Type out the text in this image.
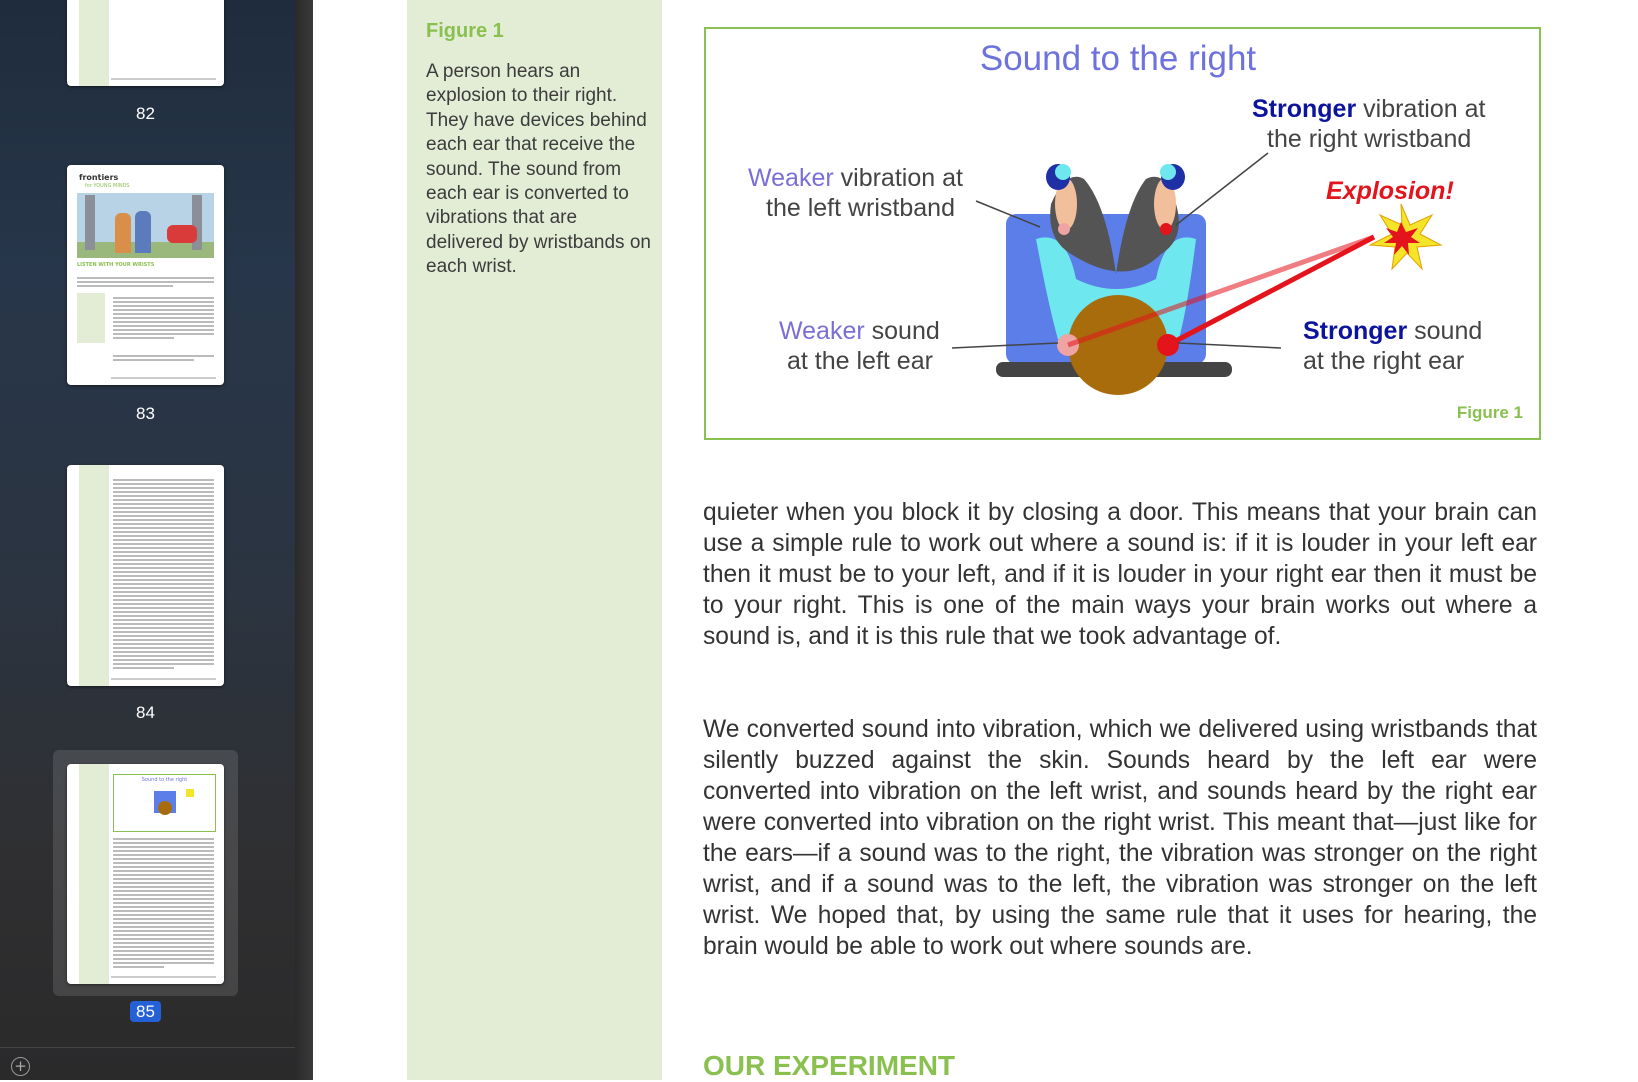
82
frontiers
for YOUNG MINDS
LISTEN WITH YOUR WRISTS
83
84
Sound to the right
85
+
Figure 1
A person hears an explosion to their right. They have devices behind each ear that receive the sound. The sound from each ear is converted to vibrations that are delivered by wristbands on each wrist.
Sound to the right
Stronger vibration at
the right wristband
Weaker vibration at
the left wristband
Explosion!
Weaker sound
at the left ear
Stronger sound
at the right ear
Figure 1

quieter when you block it by closing a door. This means that your brain can use a simple rule to work out where a sound is: if it is louder in your left ear then it must be to your left, and if it is louder in your right ear then it must be to your right. This is one of the main ways your brain works out where a sound is, and it is this rule that we took advantage of.

We converted sound into vibration, which we delivered using wristbands that silently buzzed against the skin. Sounds heard by the left ear were converted into vibration on the left wrist, and sounds heard by the right ear were converted into vibration on the right wrist. This meant that—just like for the ears—if a sound was to the right, the vibration was stronger on the right wrist, and if a sound was to the left, the vibration was stronger on the left wrist. We hoped that, by using the same rule that it uses for hearing, the brain would be able to work out where sounds are.

OUR EXPERIMENT
